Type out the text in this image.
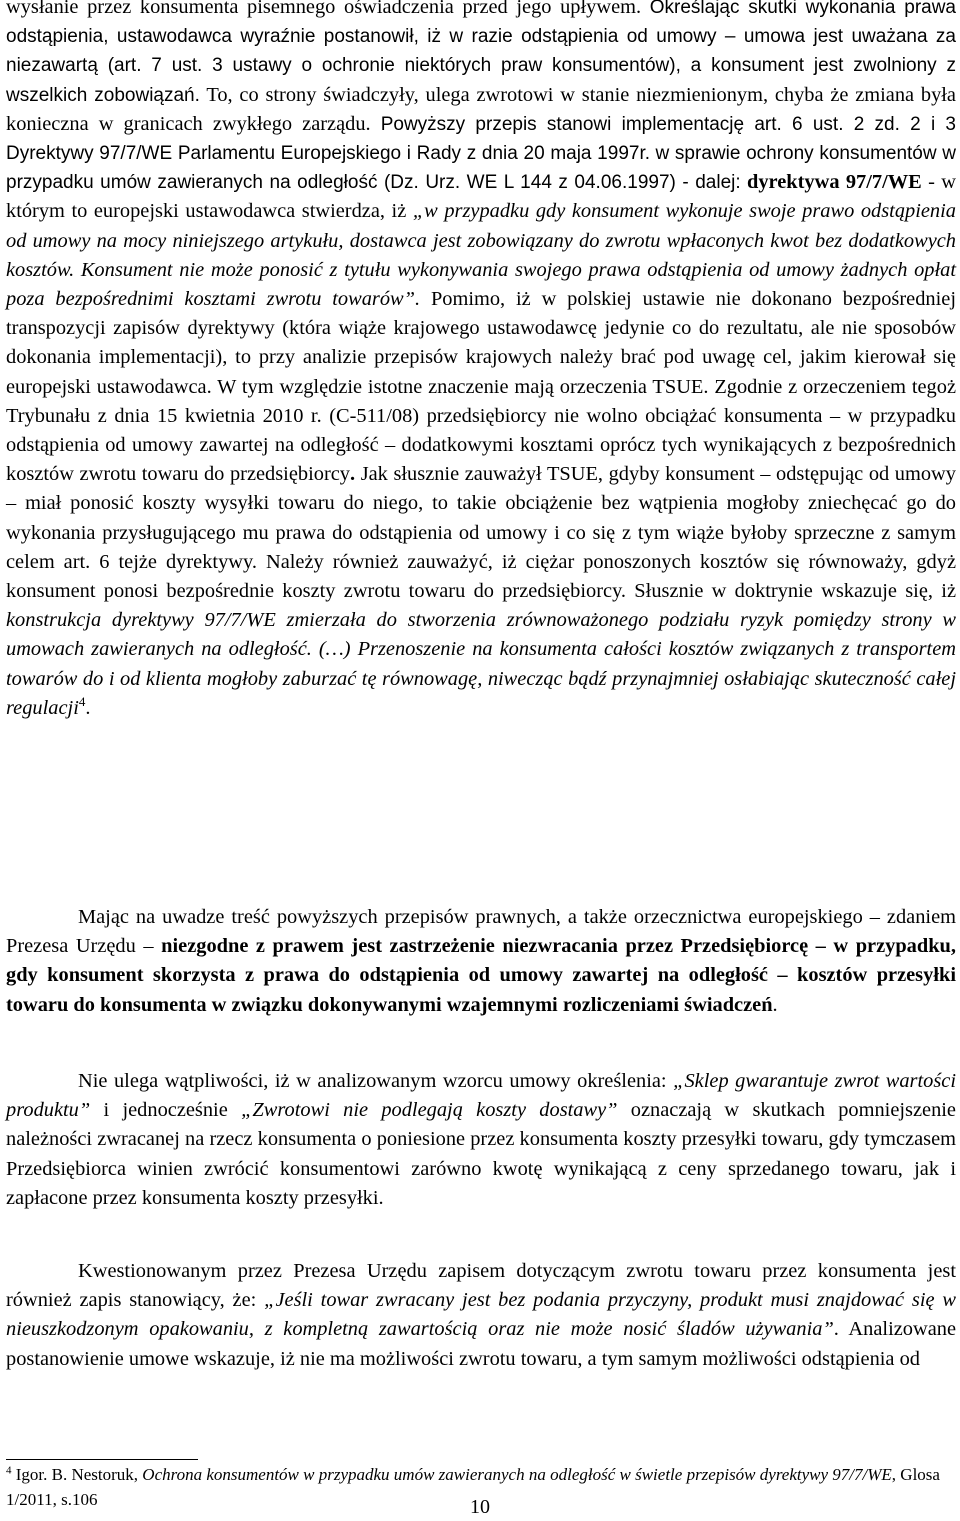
wysłanie przez konsumenta pisemnego oświadczenia przed jego upływem. Określając skutki wykonania prawa odstąpienia, ustawodawca wyraźnie postanowił, iż w razie odstąpienia od umowy – umowa jest uważana za niezawartą (art. 7 ust. 3 ustawy o ochronie niektórych praw konsumentów), a konsument jest zwolniony z wszelkich zobowiązań. To, co strony świadczyły, ulega zwrotowi w stanie niezmienionym, chyba że zmiana była konieczna w granicach zwykłego zarządu. Powyższy przepis stanowi implementację art. 6 ust. 2 zd. 2 i 3 Dyrektywy 97/7/WE Parlamentu Europejskiego i Rady z dnia 20 maja 1997r. w sprawie ochrony konsumentów w przypadku umów zawieranych na odległość (Dz. Urz. WE L 144 z 04.06.1997) - dalej: dyrektywa 97/7/WE - w którym to europejski ustawodawca stwierdza, iż „w przypadku gdy konsument wykonuje swoje prawo odstąpienia od umowy na mocy niniejszego artykułu, dostawca jest zobowiązany do zwrotu wpłaconych kwot bez dodatkowych kosztów. Konsument nie może ponosić z tytułu wykonywania swojego prawa odstąpienia od umowy żadnych opłat poza bezpośrednimi kosztami zwrotu towarów”. Pomimo, iż w polskiej ustawie nie dokonano bezpośredniej transpozycji zapisów dyrektywy (która wiąże krajowego ustawodawcę jedynie co do rezultatu, ale nie sposobów dokonania implementacji), to przy analizie przepisów krajowych należy brać pod uwagę cel, jakim kierował się europejski ustawodawca. W tym względzie istotne znaczenie mają orzeczenia TSUE. Zgodnie z orzeczeniem tegoż Trybunału z dnia 15 kwietnia 2010 r. (C-511/08) przedsiębiorcy nie wolno obciążać konsumenta – w przypadku odstąpienia od umowy zawartej na odległość – dodatkowymi kosztami oprócz tych wynikających z bezpośrednich kosztów zwrotu towaru do przedsiębiorcy. Jak słusznie zauważył TSUE, gdyby konsument – odstępując od umowy – miał ponosić koszty wysyłki towaru do niego, to takie obciążenie bez wątpienia mogłoby zniechęcać go do wykonania przysługującego mu prawa do odstąpienia od umowy i co się z tym wiąże byłoby sprzeczne z samym celem art. 6 tejże dyrektywy. Należy również zauważyć, iż ciężar ponoszonych kosztów się równoważy, gdyż konsument ponosi bezpośrednie koszty zwrotu towaru do przedsiębiorcy. Słusznie w doktrynie wskazuje się, iż konstrukcja dyrektywy 97/7/WE zmierzała do stworzenia zrównoważonego podziału ryzyk pomiędzy strony w umowach zawieranych na odległość. (…) Przenoszenie na konsumenta całości kosztów związanych z transportem towarów do i od klienta mogłoby zaburzać tę równowagę, niwecząc bądź przynajmniej osłabiając skuteczność całej regulacji$^4$.

Mając na uwadze treść powyższych przepisów prawnych, a także orzecznictwa europejskiego – zdaniem Prezesa Urzędu – niezgodne z prawem jest zastrzeżenie niezwracania przez Przedsiębiorcę – w przypadku, gdy konsument skorzysta z prawa do odstąpienia od umowy zawartej na odległość – kosztów przesyłki towaru do konsumenta w związku dokonywanymi wzajemnymi rozliczeniami świadczeń.

Nie ulega wątpliwości, iż w analizowanym wzorcu umowy określenia: „Sklep gwarantuje zwrot wartości produktu” i jednocześnie „Zwrotowi nie podlegają koszty dostawy” oznaczają w skutkach pomniejszenie należności zwracanej na rzecz konsumenta o poniesione przez konsumenta koszty przesyłki towaru, gdy tymczasem Przedsiębiorca winien zwrócić konsumentowi zarówno kwotę wynikającą z ceny sprzedanego towaru, jak i zapłacone przez konsumenta koszty przesyłki.

Kwestionowanym przez Prezesa Urzędu zapisem dotyczącym zwrotu towaru przez konsumenta jest również zapis stanowiący, że: „Jeśli towar zwracany jest bez podania przyczyny, produkt musi znajdować się w nieuszkodzonym opakowaniu, z kompletną zawartością oraz nie może nosić śladów używania”. Analizowane postanowienie umowe wskazuje, iż nie ma możliwości zwrotu towaru, a tym samym możliwości odstąpienia od

$^4$ Igor. B. Nestoruk, Ochrona konsumentów w przypadku umów zawieranych na odległość w świetle przepisów dyrektywy 97/7/WE, Glosa 1/2011, s.106	10
